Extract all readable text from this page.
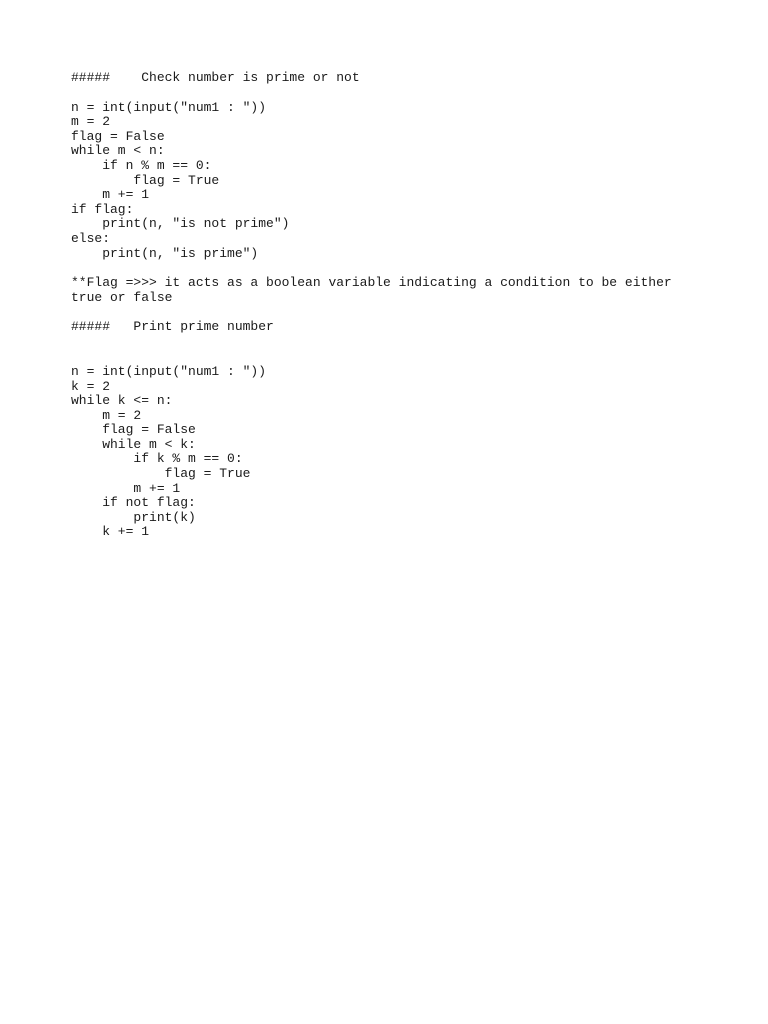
#####    Check number is prime or not
n = int(input("num1 : "))
m = 2
flag = False
while m < n:
if n % m == 0:
flag = True
m += 1
if flag:
print(n, "is not prime")
else:
print(n, "is prime")
**Flag =>>> it acts as a boolean variable indicating a condition to be either true or false
#####   Print prime number
n = int(input("num1 : "))
k = 2
while k <= n:
m = 2
flag = False
while m < k:
if k % m == 0:
flag = True
m += 1
if not flag:
print(k)
k += 1
